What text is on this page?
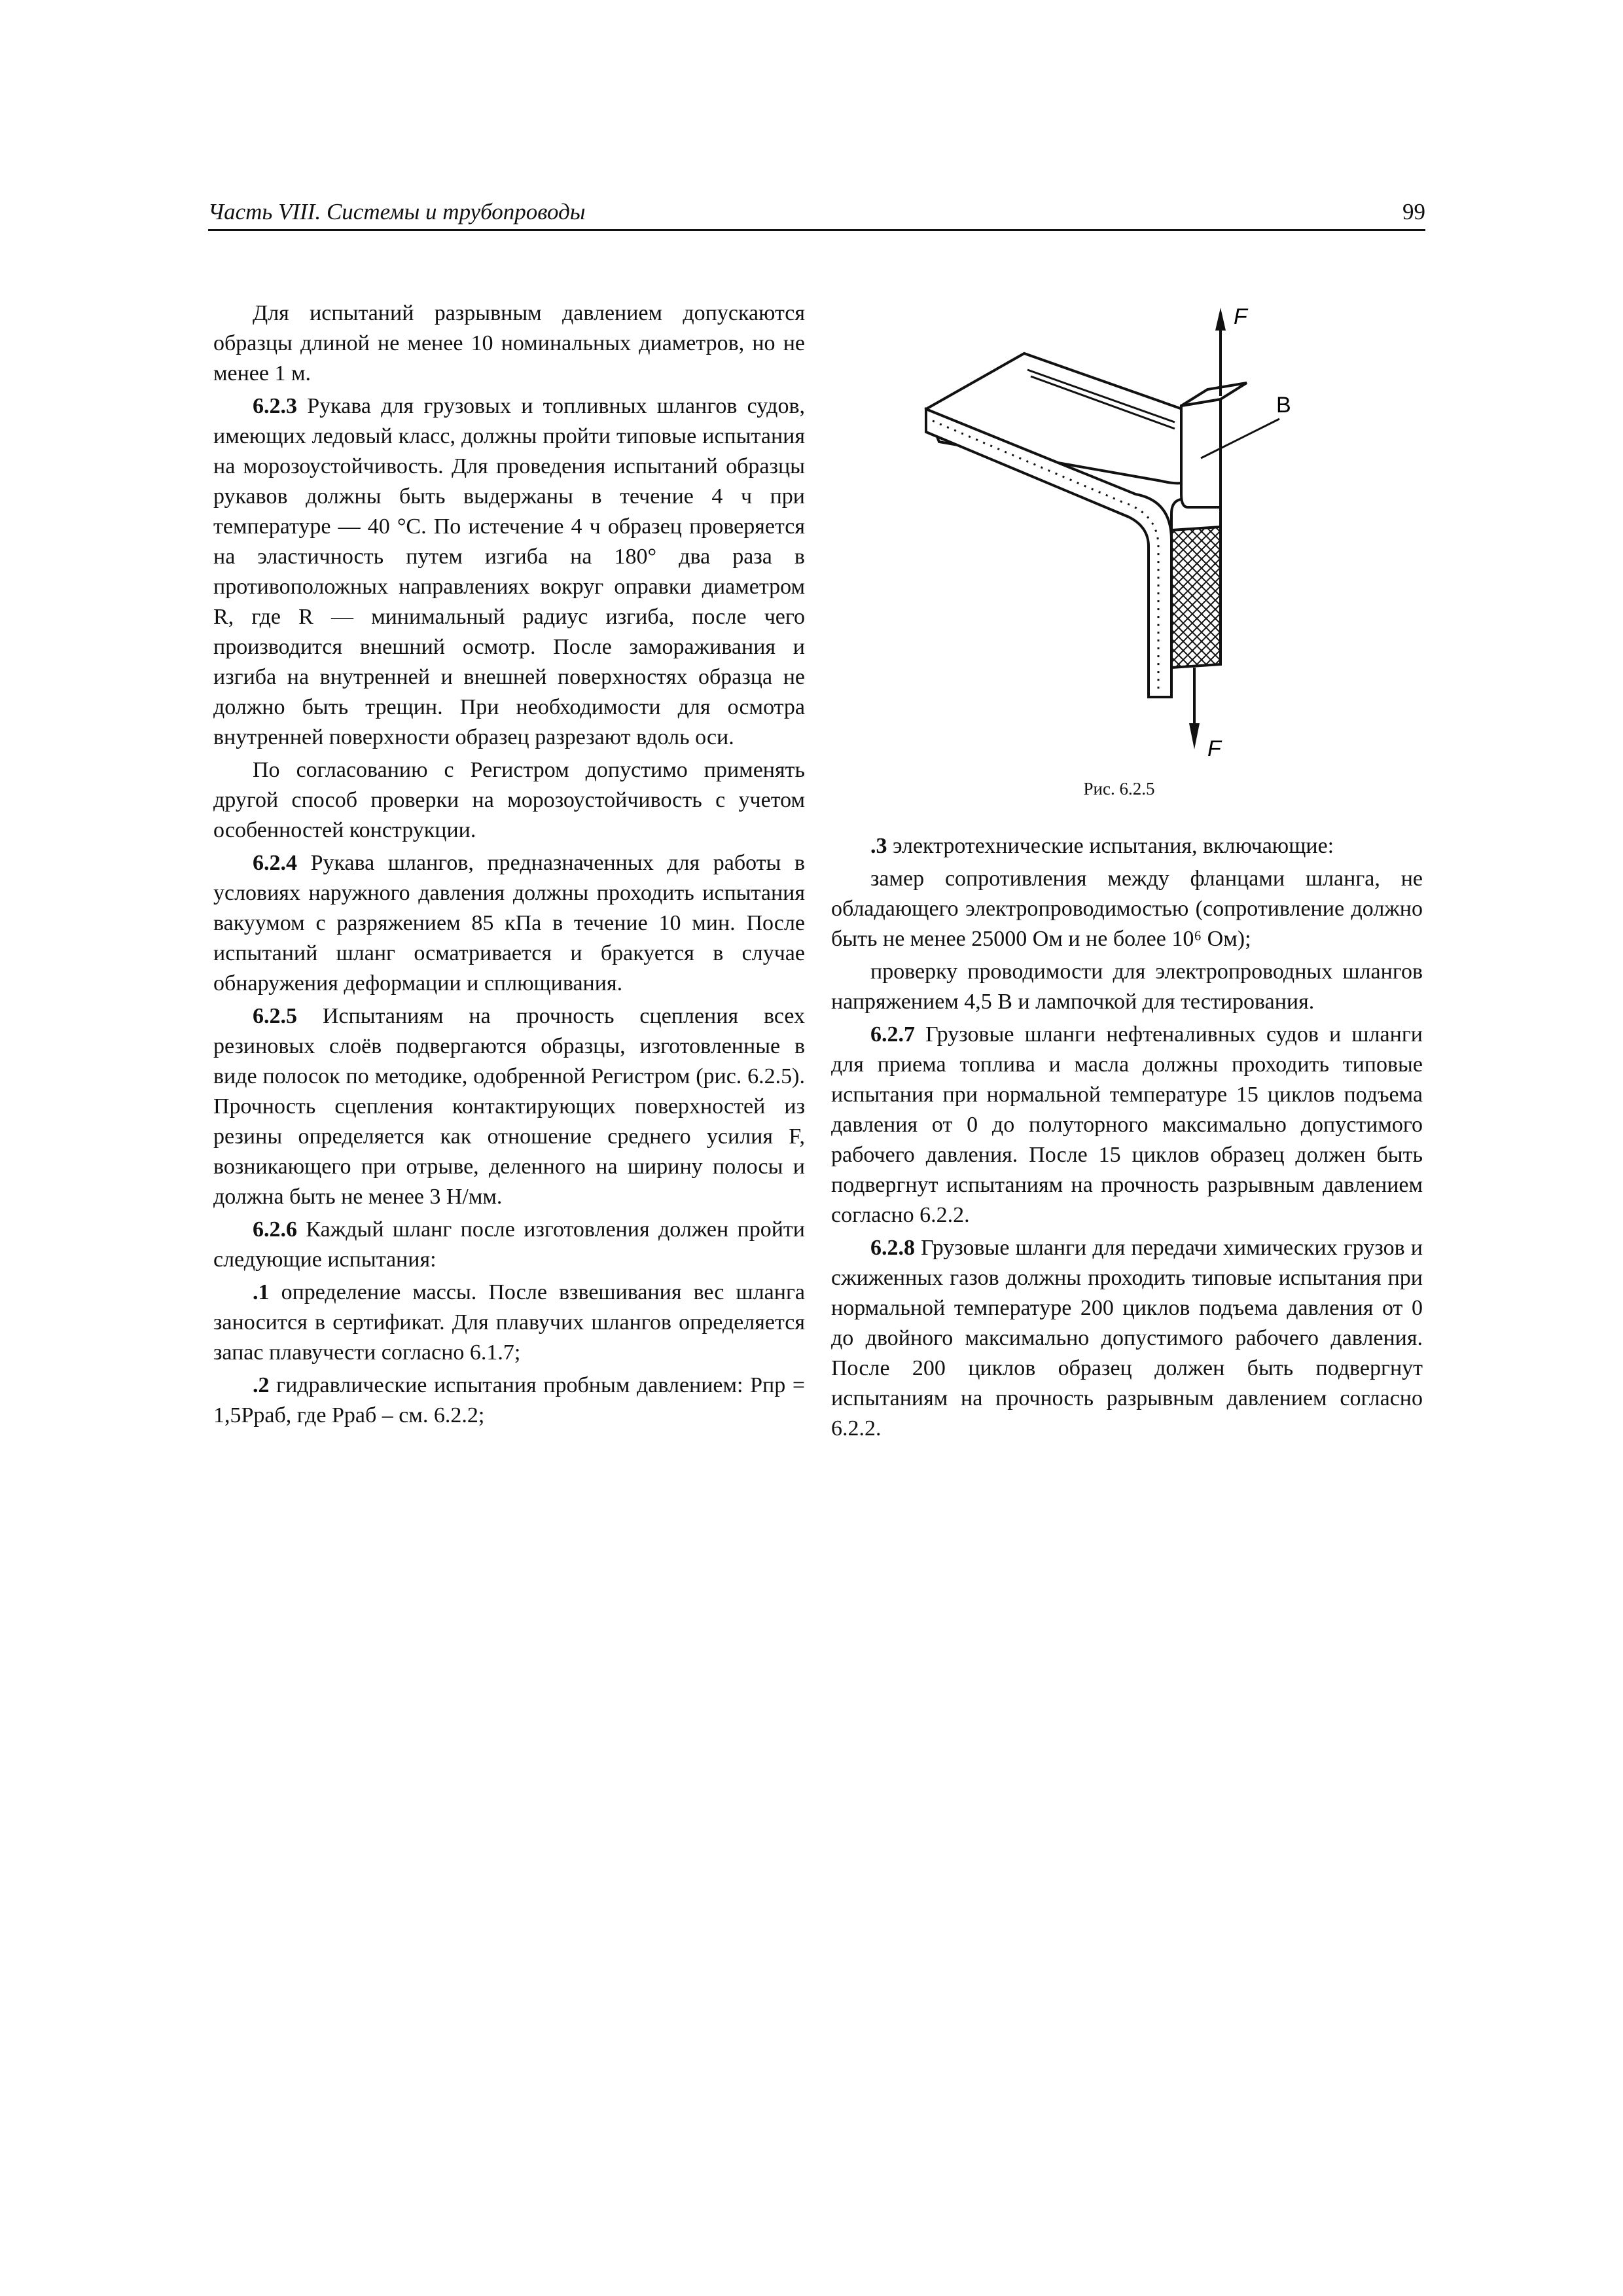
Часть VIII. Системы и трубопроводы	99

Для испытаний разрывным давлением допускаются образцы длиной не менее 10 номинальных диаметров, но не менее 1 м.

6.2.3 Рукава для грузовых и топливных шлангов судов, имеющих ледовый класс, должны пройти типовые испытания на морозоустойчивость. Для проведения испытаний образцы рукавов должны быть выдержаны в течение 4 ч при температуре — 40 °С. По истечение 4 ч образец проверяется на эластичность путем изгиба на 180° два раза в противоположных направлениях вокруг оправки диаметром R, где R — минимальный радиус изгиба, после чего производится внешний осмотр. После замораживания и изгиба на внутренней и внешней поверхностях образца не должно быть трещин. При необходимости для осмотра внутренней поверхности образец разрезают вдоль оси.

По согласованию с Регистром допустимо применять другой способ проверки на морозоустойчивость с учетом особенностей конструкции.

6.2.4 Рукава шлангов, предназначенных для работы в условиях наружного давления должны проходить испытания вакуумом с разряжением 85 кПа в течение 10 мин. После испытаний шланг осматривается и бракуется в случае обнаружения деформации и сплющивания.

6.2.5 Испытаниям на прочность сцепления всех резиновых слоёв подвергаются образцы, изготовленные в виде полосок по методике, одобренной Регистром (рис. 6.2.5). Прочность сцепления контактирующих поверхностей из резины определяется как отношение среднего усилия F, возникающего при отрыве, деленного на ширину полосы и должна быть не менее 3 Н/мм.

6.2.6 Каждый шланг после изготовления должен пройти следующие испытания:

.1 определение массы. После взвешивания вес шланга заносится в сертификат. Для плавучих шлангов определяется запас плавучести согласно 6.1.7;

.2 гидравлические испытания пробным давлением: Pпр = 1,5Pраб, где Pраб – см. 6.2.2;

F
B
F
Рис. 6.2.5

.3 электротехнические испытания, включающие:

замер сопротивления между фланцами шланга, не обладающего электропроводимостью (сопротивление должно быть не менее 25000 Ом и не более 10⁶ Ом);

проверку проводимости для электропроводных шлангов напряжением 4,5 В и лампочкой для тестирования.

6.2.7 Грузовые шланги нефтеналивных судов и шланги для приема топлива и масла должны проходить типовые испытания при нормальной температуре 15 циклов подъема давления от 0 до полуторного максимально допустимого рабочего давления. После 15 циклов образец должен быть подвергнут испытаниям на прочность разрывным давлением согласно 6.2.2.

6.2.8 Грузовые шланги для передачи химических грузов и сжиженных газов должны проходить типовые испытания при нормальной температуре 200 циклов подъема давления от 0 до двойного максимально допустимого рабочего давления. После 200 циклов образец должен быть подвергнут испытаниям на прочность разрывным давлением согласно 6.2.2.
